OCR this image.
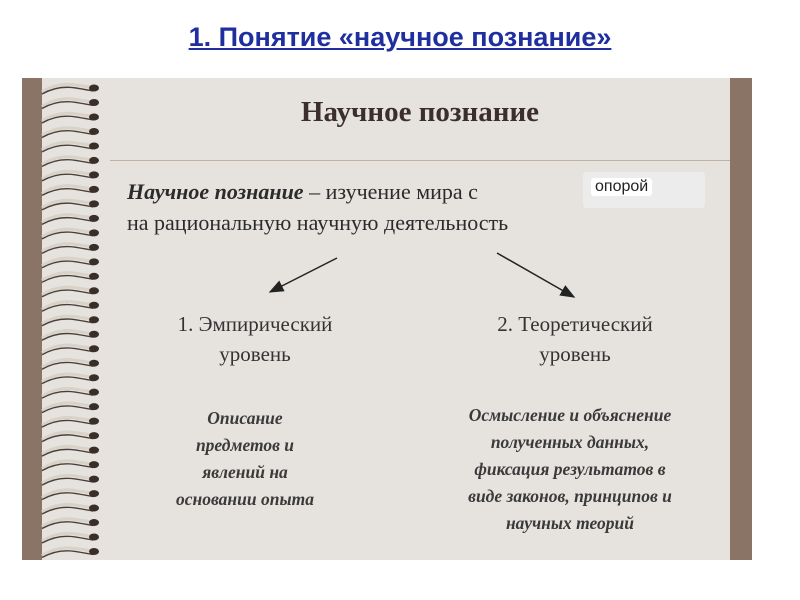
1. Понятие «научное познание»
Научное познание
Научное познание – изучение мира с
на рациональную научную деятельность
опорой
1. Эмпирический
уровень
2. Теоретический
уровень
Описание
предметов и
явлений на
основании опыта
Осмысление и объяснение
полученных данных,
фиксация результатов в
виде законов, принципов и
научных теорий
